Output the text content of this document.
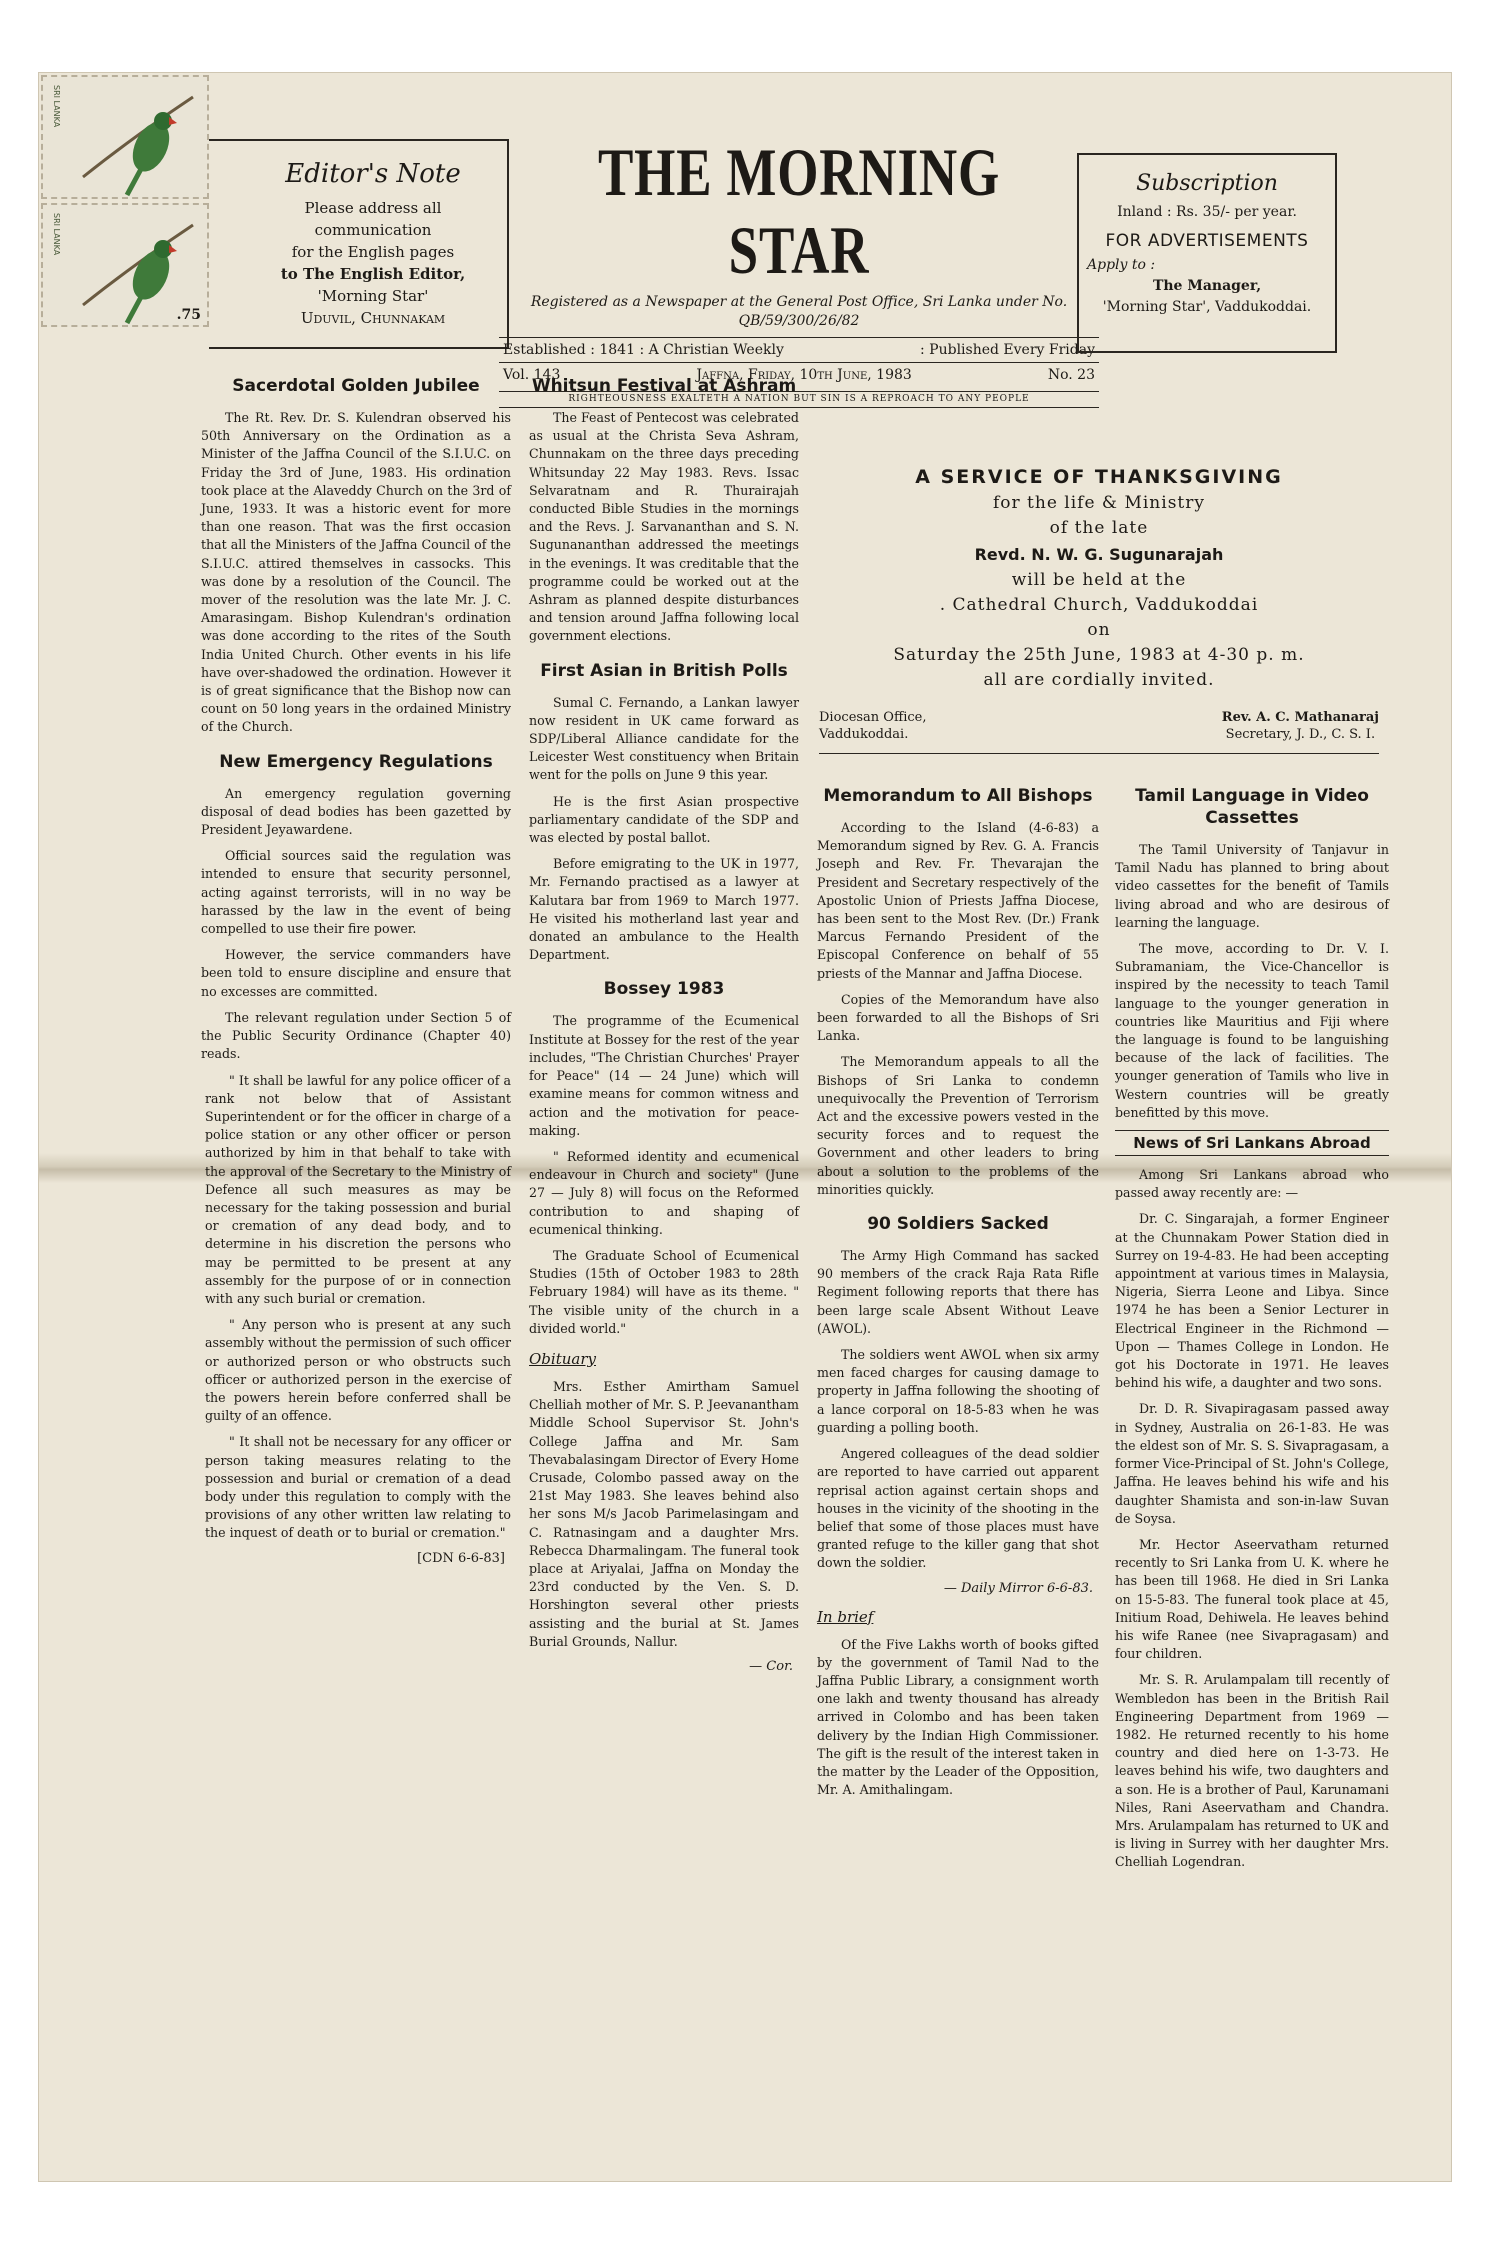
SRI LANKA
SRI LANKA
.75
Editor's Note

Please address all

communication

for the English pages

to The English Editor,

'Morning Star'

Uduvil, Chunnakam

THE MORNING STAR
Registered as a Newspaper at the General Post Office, Sri Lanka under No. QB/59/300/26/82
Established : 1841 : A Christian Weekly	: Published Every Friday
Vol. 143	Jaffna, Friday, 10th June, 1983	No. 23
RIGHTEOUSNESS EXALTETH A NATION BUT SIN IS A REPROACH TO ANY PEOPLE
Subscription

Inland : Rs. 35/- per year.

FOR ADVERTISEMENTS

Apply to :

The Manager,

'Morning Star', Vaddukoddai.

Sacerdotal Golden Jubilee

The Rt. Rev. Dr. S. Kulendran observed his 50th Anniversary on the Ordination as a Minister of the Jaffna Council of the S.I.U.C. on Friday the 3rd of June, 1983. His ordination took place at the Alaveddy Church on the 3rd of June, 1933. It was a historic event for more than one reason. That was the first occasion that all the Ministers of the Jaffna Council of the S.I.U.C. attired themselves in cassocks. This was done by a resolution of the Council. The mover of the resolution was the late Mr. J. C. Amarasingam. Bishop Kulendran's ordination was done according to the rites of the South India United Church. Other events in his life have over-shadowed the ordination. However it is of great significance that the Bishop now can count on 50 long years in the ordained Ministry of the Church.

New Emergency Regulations

An emergency regulation governing disposal of dead bodies has been gazetted by President Jeyawardene.

Official sources said the regulation was intended to ensure that security personnel, acting against terrorists, will in no way be harassed by the law in the event of being compelled to use their fire power.

However, the service commanders have been told to ensure discipline and ensure that no excesses are committed.

The relevant regulation under Section 5 of the Public Security Ordinance (Chapter 40) reads.

" It shall be lawful for any police officer of a rank not below that of Assistant Superintendent or for the officer in charge of a police station or any other officer or person authorized by him in that behalf to take with the approval of the Secretary to the Ministry of Defence all such measures as may be necessary for the taking possession and burial or cremation of any dead body, and to determine in his discretion the persons who may be permitted to be present at any assembly for the purpose of or in connection with any such burial or cremation.

" Any person who is present at any such assembly without the permission of such officer or authorized person or who obstructs such officer or authorized person in the exercise of the powers herein before conferred shall be guilty of an offence.

" It shall not be necessary for any officer or person taking measures relating to the possession and burial or cremation of a dead body under this regulation to comply with the provisions of any other written law relating to the inquest of death or to burial or cremation."

[CDN 6-6-83]
Whitsun Festival at Ashram

The Feast of Pentecost was celebrated as usual at the Christa Seva Ashram, Chunnakam on the three days preceding Whitsunday 22 May 1983. Revs. Issac Selvaratnam and R. Thurairajah conducted Bible Studies in the mornings and the Revs. J. Sarvananthan and S. N. Sugunananthan addressed the meetings in the evenings. It was creditable that the programme could be worked out at the Ashram as planned despite disturbances and tension around Jaffna following local government elections.

First Asian in British Polls

Sumal C. Fernando, a Lankan lawyer now resident in UK came forward as SDP/Liberal Alliance candidate for the Leicester West constituency when Britain went for the polls on June 9 this year.

He is the first Asian prospective parliamentary candidate of the SDP and was elected by postal ballot.

Before emigrating to the UK in 1977, Mr. Fernando practised as a lawyer at Kalutara bar from 1969 to March 1977. He visited his motherland last year and donated an ambulance to the Health Department.

Bossey 1983

The programme of the Ecumenical Institute at Bossey for the rest of the year includes, "The Christian Churches' Prayer for Peace" (14 — 24 June) which will examine means for common witness and action and the motivation for peace-making.

" Reformed identity and ecumenical endeavour in Church and society" (June 27 — July 8) will focus on the Reformed contribution to and shaping of ecumenical thinking.

The Graduate School of Ecumenical Studies (15th of October 1983 to 28th February 1984) will have as its theme. " The visible unity of the church in a divided world."

Obituary

Mrs. Esther Amirtham Samuel Chelliah mother of Mr. S. P. Jeevanantham Middle School Supervisor St. John's College Jaffna and Mr. Sam Thevabalasingam Director of Every Home Crusade, Colombo passed away on the 21st May 1983. She leaves behind also her sons M/s Jacob Parimelasingam and C. Ratnasingam and a daughter Mrs. Rebecca Dharmalingam. The funeral took place at Ariyalai, Jaffna on Monday the 23rd conducted by the Ven. S. D. Horshington several other priests assisting and the burial at St. James Burial Grounds, Nallur.

— Cor.
A SERVICE OF THANKSGIVING
for the life & Ministry
of the late
Revd. N. W. G. Sugunarajah
will be held at the
. Cathedral Church, Vaddukoddai
on
Saturday the 25th June, 1983 at 4-30 p. m.
all are cordially invited.
Diocesan Office,
Vaddukoddai.
Rev. A. C. Mathanaraj
Secretary, J. D., C. S. I.
Memorandum to All Bishops

According to the Island (4-6-83) a Memorandum signed by Rev. G. A. Francis Joseph and Rev. Fr. Thevarajan the President and Secretary respectively of the Apostolic Union of Priests Jaffna Diocese, has been sent to the Most Rev. (Dr.) Frank Marcus Fernando President of the Episcopal Conference on behalf of 55 priests of the Mannar and Jaffna Diocese.

Copies of the Memorandum have also been forwarded to all the Bishops of Sri Lanka.

The Memorandum appeals to all the Bishops of Sri Lanka to condemn unequivocally the Prevention of Terrorism Act and the excessive powers vested in the security forces and to request the Government and other leaders to bring about a solution to the problems of the minorities quickly.

90 Soldiers Sacked

The Army High Command has sacked 90 members of the crack Raja Rata Rifle Regiment following reports that there has been large scale Absent Without Leave (AWOL).

The soldiers went AWOL when six army men faced charges for causing damage to property in Jaffna following the shooting of a lance corporal on 18-5-83 when he was guarding a polling booth.

Angered colleagues of the dead soldier are reported to have carried out apparent reprisal action against certain shops and houses in the vicinity of the shooting in the belief that some of those places must have granted refuge to the killer gang that shot down the soldier.

— Daily Mirror 6-6-83.
In brief

Of the Five Lakhs worth of books gifted by the government of Tamil Nad to the Jaffna Public Library, a consignment worth one lakh and twenty thousand has already arrived in Colombo and has been taken delivery by the Indian High Commissioner. The gift is the result of the interest taken in the matter by the Leader of the Opposition, Mr. A. Amithalingam.

Tamil Language in Video Cassettes

The Tamil University of Tanjavur in Tamil Nadu has planned to bring about video cassettes for the benefit of Tamils living abroad and who are desirous of learning the language.

The move, according to Dr. V. I. Subramaniam, the Vice-Chancellor is inspired by the necessity to teach Tamil language to the younger generation in countries like Mauritius and Fiji where the language is found to be languishing because of the lack of facilities. The younger generation of Tamils who live in Western countries will be greatly benefitted by this move.

News of Sri Lankans Abroad

Among Sri Lankans abroad who passed away recently are: —

Dr. C. Singarajah, a former Engineer at the Chunnakam Power Station died in Surrey on 19-4-83. He had been accepting appointment at various times in Malaysia, Nigeria, Sierra Leone and Libya. Since 1974 he has been a Senior Lecturer in Electrical Engineer in the Richmond — Upon — Thames College in London. He got his Doctorate in 1971. He leaves behind his wife, a daughter and two sons.

Dr. D. R. Sivapiragasam passed away in Sydney, Australia on 26-1-83. He was the eldest son of Mr. S. S. Sivapragasam, a former Vice-Principal of St. John's College, Jaffna. He leaves behind his wife and his daughter Shamista and son-in-law Suvan de Soysa.

Mr. Hector Aseervatham returned recently to Sri Lanka from U. K. where he has been till 1968. He died in Sri Lanka on 15-5-83. The funeral took place at 45, Initium Road, Dehiwela. He leaves behind his wife Ranee (nee Sivapragasam) and four children.

Mr. S. R. Arulampalam till recently of Wembledon has been in the British Rail Engineering Department from 1969 — 1982. He returned recently to his home country and died here on 1-3-73. He leaves behind his wife, two daughters and a son. He is a brother of Paul, Karunamani Niles, Rani Aseervatham and Chandra. Mrs. Arulampalam has returned to UK and is living in Surrey with her daughter Mrs. Chelliah Logendran.
